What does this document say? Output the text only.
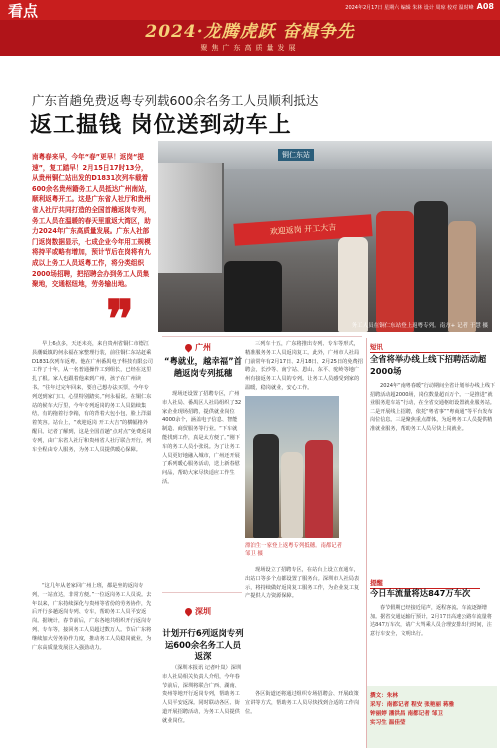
看点	2024年2月17日 星期六 编辑 朱林 设计 周琼 校对 温时峰 A08
2024·龙腾虎跃 奋楫争先
聚焦广东高质量发展
广东首趟免费返粤专列载600余名务工人员顺利抵达
返工揾钱 岗位送到动车上
铜仁东站
欢迎返岗 开工大吉
务工人员在铜仁东站登上返粤专列。南方+ 记者 于慧 摄
南粤春来早，今年“春”更早！返岗“提速”，复工踏早！2月15日17时13分，从贵州铜仁站出发的D1831次列车载着600余名贵州籍务工人员抵达广州南站，顺利返粤开工。这是广东省人社厅和贵州省人社厅共同打造的全国首趟返岗专列，务工人员在温暖的春天里重返大湾区，助力2024年广东高质量发展。广东人社部门返岗数据显示，七成企业今年用工规模将持平或略有增加，预计节后在岗将有九成以上务工人员返粤工作，将分类组织2000场招聘，把招聘会办到务工人员集聚地，交通枢纽地，劳务输出地。
❞
早上6点多，天还未亮，来自贵州省铜仁市德江县潮砥镇的何永福在家整理行装，前往铜仁东站赶乘D1831次列车返粤。他在广州番禺电子科技有限公司工作了十年，从一名普通操作工到组长，已经在这里扎了根。家人也跟着他来到广州，孩子在广州读书。“往年过完年回来，要自己想办法买票，今年专列送到家门口，心里特别踏实。”何永福说。在铜仁东站的候车大厅里，今年专列返岗的务工人员陆续集结，有的拖着行李箱，有的背着大包小包，脸上洋溢着笑容。站台上，“欢迎返岗 开工大吉”的横幅格外醒目。记者了解到，这是全国首趟“点对点”免费返岗专列，由广东省人社厅和贵州省人社厅联合开行，列车全程由专人服务，为务工人员提供暖心保障。
“这几年从老家回广州上班，都是坐的返岗专列，一站直达，非常方便。”一位返岗务工人员说。去年以来，广东持续深化与贵州等省份的劳务协作，先后开行多趟返岗专列、专车，帮助务工人员平安返岗。据统计，春节前后，广东各地共组织开行返岗专列、专车等，接回务工人员超过数万人。节后广东将继续加大劳务协作力度，推动务工人员稳岗就业，为广东高质量发展注入强劲动力。
广州
“粤就业，越幸福”首趟返岗专列抵穗
现场还设置了招聘专区，广州市人社局、番禺区人社局组织了32家企业现场招聘，提供就业岗位4000余个，涵盖电子信息、智能制造、商贸服务等行业。“下车就能找到工作，真是太方便了。”刚下车的务工人员小张说。为了让务工人员更好地融入城市，广州还开展了系列暖心服务活动，送上新春慰问品，帮助大家尽快适应工作生活。
三列车十五，广东将推出专列、专车等形式，精准服务务工人员返岗复工。此外，广州市人社局门前常年有2月17日、2月18日、2月25日的免费招聘会，长沙等、南宁站、恩山、东平、驼岭等地广州有接返务工人员的专列。让务工人员感受到家的温暖，稳岗就业，安心工作。
漂泊生一家登上返粤专列抵穗。南都记者 邹卫 摄
深圳
计划开行6列返岗专列运600余名务工人员返深
（深圳本报讯 记者叶岚）深圳市人社局相关负责人介绍，今年春节前后，深圳将联合广西、湖南、贵州等地开行返岗专列，帮助务工人员平安返深。同时联动各区、街道开展招聘活动，为务工人员提供就业岗位。
现场设立了招聘专区，在站台上设立直通车，出站口等多个点都设置了服务台。深圳市人社局表示，将持续做好返岗复工服务工作，为企业复工复产提供人力资源保障。
各区街道还将通过组织专场招聘会、开展政策宣讲等方式，帮助务工人员尽快找到合适的工作岗位。
短讯
全省将举办线上线下招聘活动超2000场
2024年“南粤春暖”行动期间全省计划举办线上线下招聘活动超2000场，岗位数量超百万个。一是推进“就业服务进车站”行动，在全省交通枢纽设置就业服务站。二是开展线上招聘，依托“粤省事”“粤商通”等平台发布岗位信息。三是聚焦重点群体，为返粤务工人员提供精准就业服务，帮助务工人员尽快上岗就业。
提醒
今日车流量将达847万车次
春节假期已经接近尾声，返程客流、车流逐渐增加。据省交通运输厅预计，2月17日高速公路车流量将达847万车次，请广大驾乘人员合理安排出行时间，注意行车安全，文明出行。
撰文：朱林
采写：南都记者 程安 张艳丽 蒋雅
钟丽婷 潘洪昌 南都记者 邹卫
实习生 温佳莹
